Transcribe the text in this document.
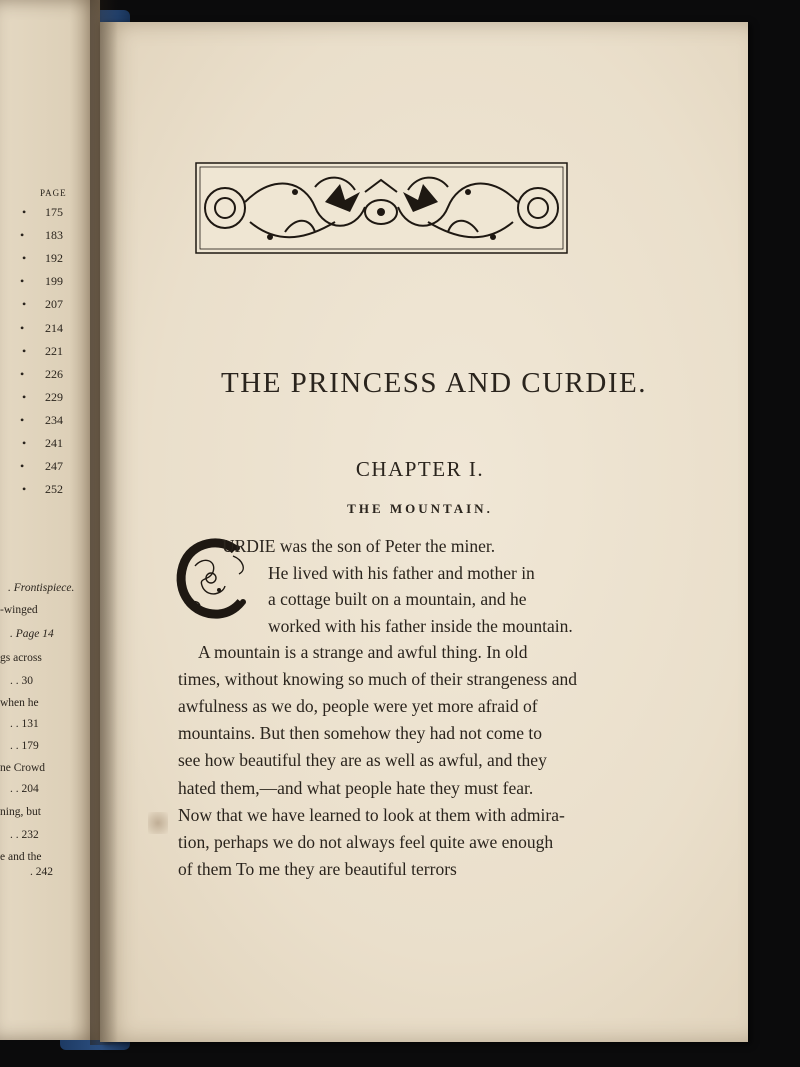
PAGE
175
•
183
•
192
•
199
•
207
•
214
•
221
•
226
•
229
•
234
•
241
•
247
•
252
•
. Frontispiece.
-winged
. Page 14
gs across
. . 30
when he
. . 131
. . 179
ne Crowd
. . 204
ning, but
. . 232
e and the
. 242
THE PRINCESS AND CURDIE.
CHAPTER I.
THE MOUNTAIN.
URDIE was the son of Peter the miner.
He lived with his father and mother in
a cottage built on a mountain, and he
worked with his father inside the mountain.
A mountain is a strange and awful thing. In old
times, without knowing so much of their strangeness and
awfulness as we do, people were yet more afraid of
mountains. But then somehow they had not come to
see how beautiful they are as well as awful, and they
hated them,—and what people hate they must fear.
Now that we have learned to look at them with admira-
tion, perhaps we do not always feel quite awe enough
of them To me they are beautiful terrors
